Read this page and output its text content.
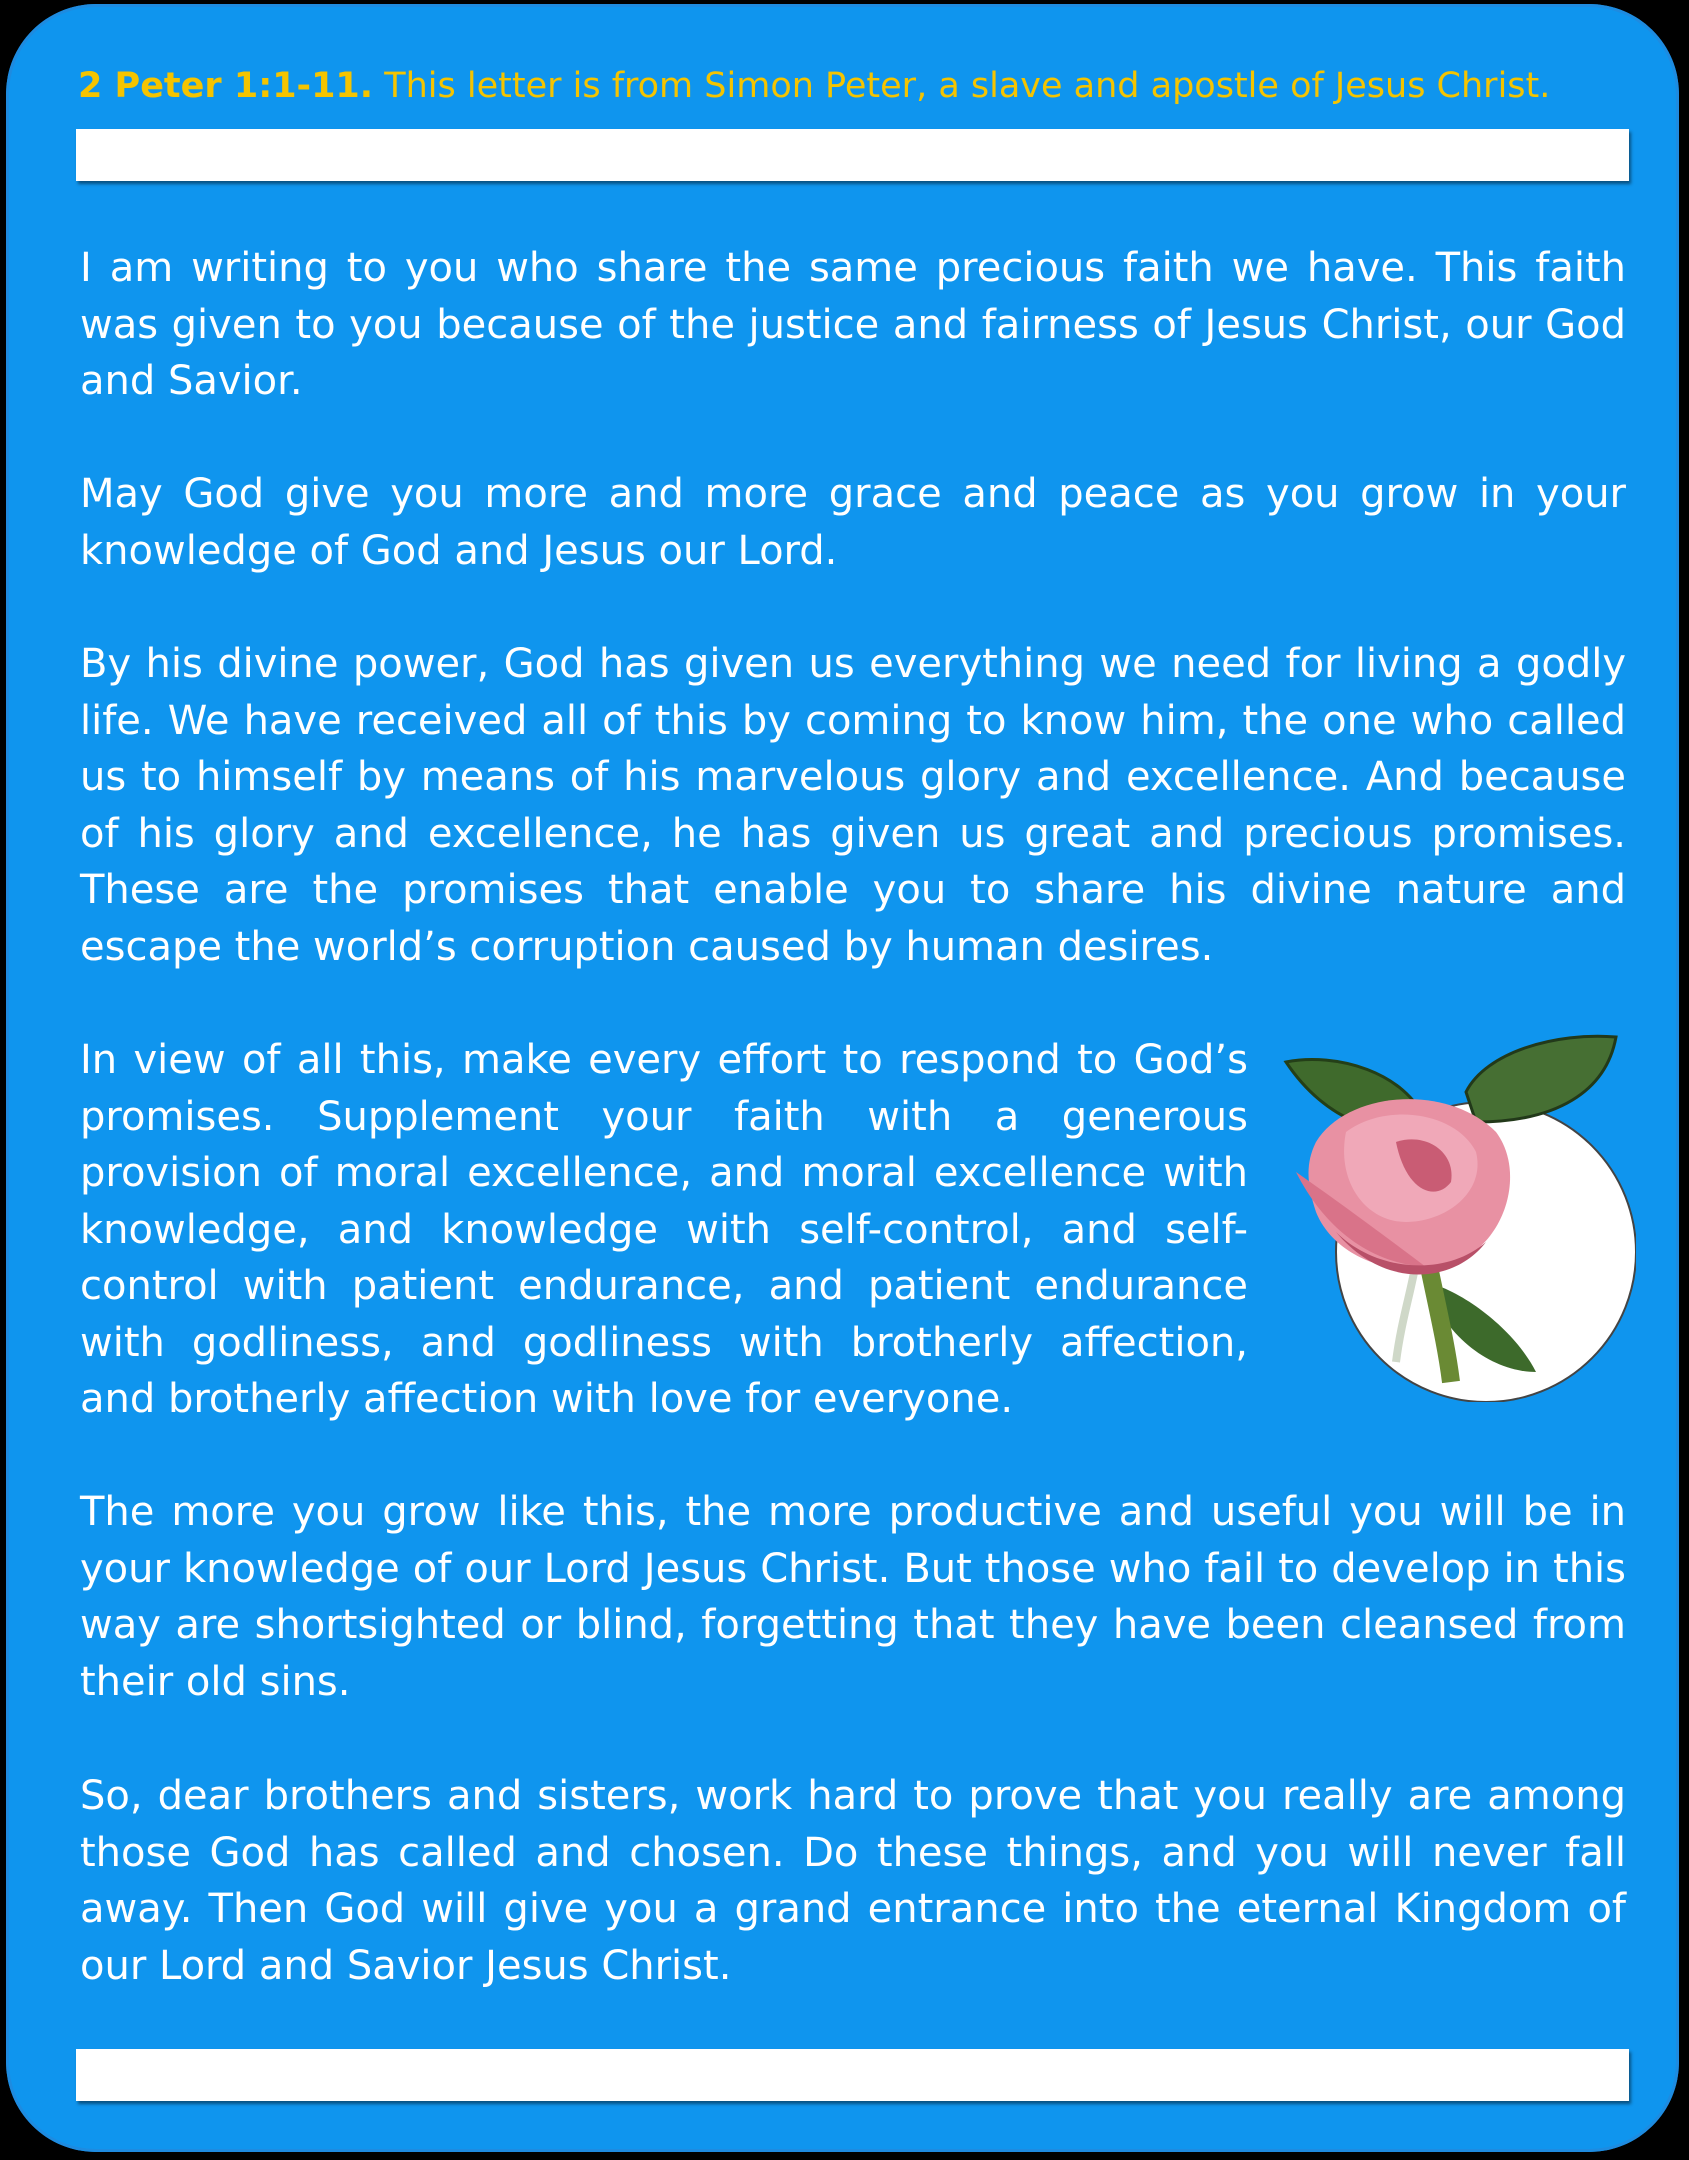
2 Peter 1:1-11. This letter is from Simon Peter, a slave and apostle of Jesus Christ.

I am writing to you who share the same precious faith we have. This faith was given to you because of the justice and fairness of Jesus Christ, our God and Savior.

May God give you more and more grace and peace as you grow in your knowledge of God and Jesus our Lord.

By his divine power, God has given us everything we need for living a godly life. We have received all of this by coming to know him, the one who called us to himself by means of his marvelous glory and excellence. And because of his glory and excellence, he has given us great and precious promises. These are the promises that enable you to share his divine nature and escape the world’s corruption caused by human desires.

In view of all this, make every effort to respond to God’s promises. Supplement your faith with a generous provision of moral excellence, and moral excellence with knowledge, and knowledge with self-control, and self-control with patient endurance, and patient endurance with godliness, and godliness with brotherly affection, and brotherly affection with love for everyone.

The more you grow like this, the more productive and useful you will be in your knowledge of our Lord Jesus Christ. But those who fail to develop in this way are shortsighted or blind, forgetting that they have been cleansed from their old sins.

So, dear brothers and sisters, work hard to prove that you really are among those God has called and chosen. Do these things, and you will never fall away. Then God will give you a grand entrance into the eternal Kingdom of our Lord and Savior Jesus Christ.
